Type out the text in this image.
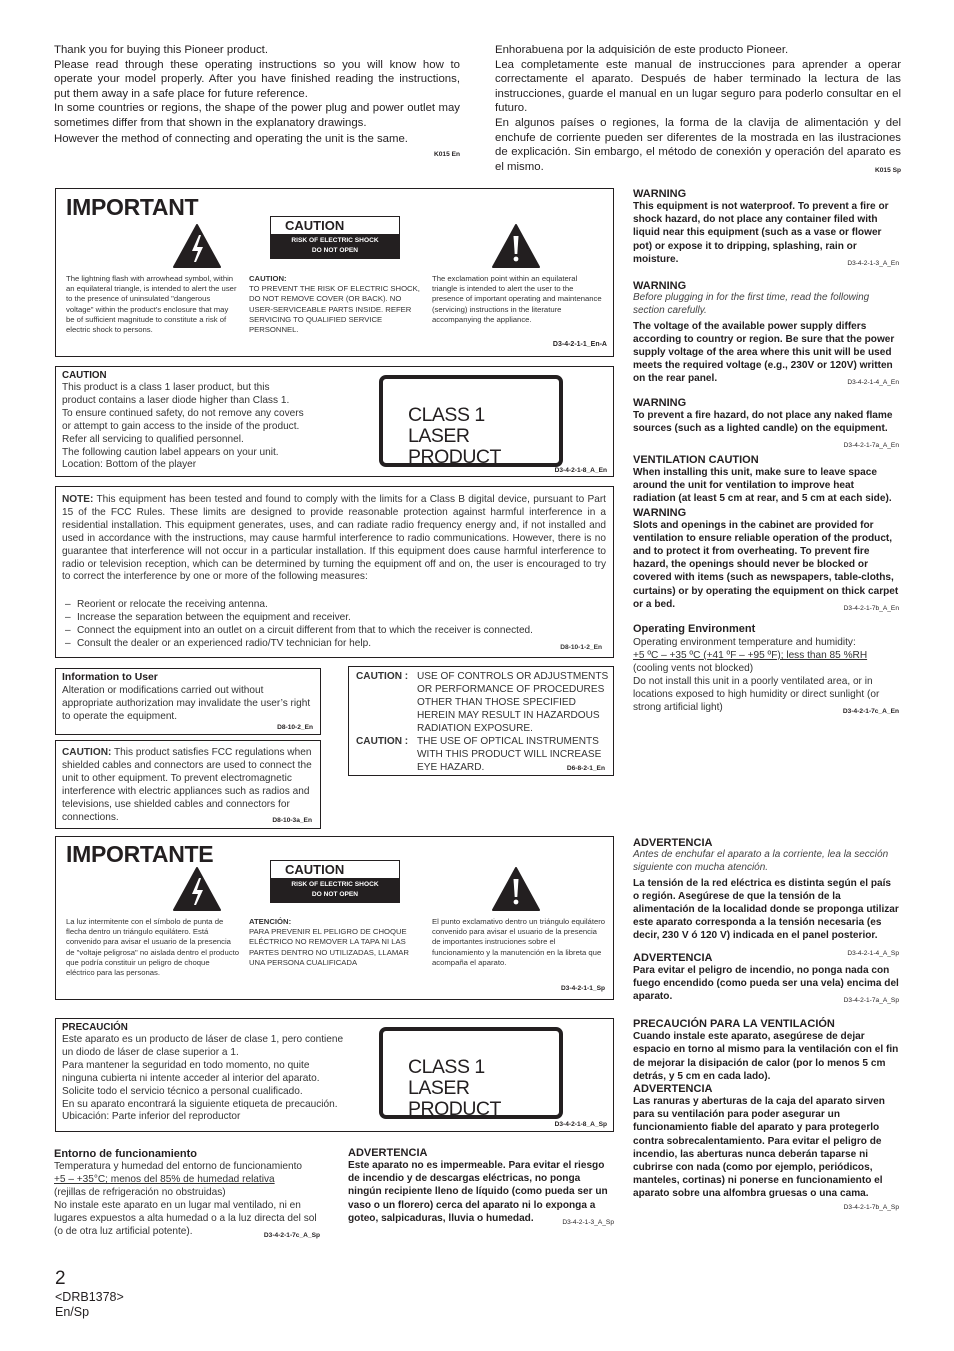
Thank you for buying this Pioneer product.

Please read through these operating instructions so you will know how to operate your model properly. After you have finished reading the instructions, put them away in a safe place for future reference.

In some countries or regions, the shape of the power plug and power outlet may sometimes differ from that shown in the explanatory drawings.

However the method of connecting and operating the unit is the same.

K015 En

Enhorabuena por la adquisición de este producto Pioneer.

Lea completamente este manual de instrucciones para aprender a operar correctamente el aparato. Después de haber terminado la lectura de las instrucciones, guarde el manual en un lugar seguro para poderlo consultar en el futuro.

En algunos países o regiones, la forma de la clavija de alimentación y del enchufe de corriente pueden ser diferentes de la mostrada en las ilustraciones de explicación. Sin embargo, el método de conexión y operación del aparato es el mismo.	K015 Sp

IMPORTANT
CAUTION
RISK OF ELECTRIC SHOCK
DO NOT OPEN
The lightning flash with arrowhead symbol, within an equilateral triangle, is intended to alert the user to the presence of uninsulated "dangerous voltage" within the product's enclosure that may be of sufficient magnitude to constitute a risk of electric shock to persons.
CAUTION:
TO PREVENT THE RISK OF ELECTRIC SHOCK, DO NOT REMOVE COVER (OR BACK). NO USER-SERVICEABLE PARTS INSIDE. REFER SERVICING TO QUALIFIED SERVICE PERSONNEL.
The exclamation point within an equilateral triangle is intended to alert the user to the presence of important operating and maintenance (servicing) instructions in the literature accompanying the appliance.
D3-4-2-1-1_En-A
CAUTION
This product is a class 1 laser product, but this
product contains a laser diode higher than Class 1.
To ensure continued safety, do not remove any covers
or attempt to gain access to the inside of the product.
Refer all servicing to qualified personnel.
The following caution label appears on your unit.
Location: Bottom of the player
CLASS 1
LASER PRODUCT
D3-4-2-1-8_A_En
NOTE: This equipment has been tested and found to comply with the limits for a Class B digital device, pursuant to Part 15 of the FCC Rules. These limits are designed to provide reasonable protection against harmful interference in a residential installation. This equipment generates, uses, and can radiate radio frequency energy and, if not installed and used in accordance with the instructions, may cause harmful interference to radio communications. However, there is no guarantee that interference will not occur in a particular installation. If this equipment does cause harmful interference to radio or television reception, which can be determined by turning the equipment off and on, the user is encouraged to try to correct the interference by one or more of the following measures:
– Reorient or relocate the receiving antenna.
– Increase the separation between the equipment and receiver.
– Connect the equipment into an outlet on a circuit different from that to which the receiver is connected.
– Consult the dealer or an experienced radio/TV technician for help.	D8-10-1-2_En
Information to User
Alteration or modifications carried out without appropriate authorization may invalidate the user’s right to operate the equipment.
D8-10-2_En
CAUTION: This product satisfies FCC regulations when shielded cables and connectors are used to connect the unit to other equipment. To prevent electromagnetic interference with electric appliances such as radios and televisions, use shielded cables and connectors for connections.	D8-10-3a_En
CAUTION : USE OF CONTROLS OR ADJUSTMENTS OR PERFORMANCE OF PROCEDURES OTHER THAN THOSE SPECIFIED HEREIN MAY RESULT IN HAZARDOUS RADIATION EXPOSURE.
CAUTION : THE USE OF OPTICAL INSTRUMENTS WITH THIS PRODUCT WILL INCREASE EYE HAZARD.	D6-8-2-1_En
WARNING
This equipment is not waterproof. To prevent a fire or shock hazard, do not place any container filed with liquid near this equipment (such as a vase or flower pot) or expose it to dripping, splashing, rain or moisture.	D3-4-2-1-3_A_En
WARNING
Before plugging in for the first time, read the following section carefully.
The voltage of the available power supply differs according to country or region. Be sure that the power supply voltage of the area where this unit will be used meets the required voltage (e.g., 230V or 120V) written on the rear panel.	D3-4-2-1-4_A_En
WARNING
To prevent a fire hazard, do not place any naked flame sources (such as a lighted candle) on the equipment.
D3-4-2-1-7a_A_En
VENTILATION CAUTION
When installing this unit, make sure to leave space around the unit for ventilation to improve heat radiation (at least 5 cm at rear, and 5 cm at each side).
WARNING
Slots and openings in the cabinet are provided for ventilation to ensure reliable operation of the product, and to protect it from overheating. To prevent fire hazard, the openings should never be blocked or covered with items (such as newspapers, table-cloths, curtains) or by operating the equipment on thick carpet or a bed.	D3-4-2-1-7b_A_En
Operating Environment
Operating environment temperature and humidity:
+5 ºC – +35 ºC (+41 ºF – +95 ºF); less than 85 %RH
(cooling vents not blocked)
Do not install this unit in a poorly ventilated area, or in locations exposed to high humidity or direct sunlight (or strong artificial light)	D3-4-2-1-7c_A_En
IMPORTANTE
CAUTION
RISK OF ELECTRIC SHOCK
DO NOT OPEN
La luz intermitente con el símbolo de punta de flecha dentro un triángulo equilátero. Está convenido para avisar el usuario de la presencia de "voltaje peligrosa" no aislada dentro el producto que podría constituir un peligro de choque eléctrico para las personas.
ATENCIÓN:
PARA PREVENIR EL PELIGRO DE CHOQUE ELÉCTRICO NO REMOVER LA TAPA NI LAS PARTES DENTRO NO UTILIZADAS, LLAMAR UNA PERSONA CUALIFICADA
El punto exclamativo dentro un triángulo equilátero convenido para avisar el usuario de la presencia de importantes instruciones sobre el funcionamiento y la manutención en la libreta que acompaña el aparato.
D3-4-2-1-1_Sp
PRECAUCIÓN
Este aparato es un producto de láser de clase 1, pero contiene
un diodo de láser de clase superior a 1.
Para mantener la seguridad en todo momento, no quite
ninguna cubierta ni intente acceder al interior del aparato.
Solicite todo el servicio técnico a personal cualificado.
En su aparato encontrará la siguiente etiqueta de precaución.
Ubicación: Parte inferior del reproductor
CLASS 1
LASER PRODUCT
D3-4-2-1-8_A_Sp
Entorno de funcionamiento
Temperatura y humedad del entorno de funcionamiento
+5 – +35°C; menos del 85% de humedad relativa
(rejillas de refrigeración no obstruidas)
No instale este aparato en un lugar mal ventilado, ni en lugares expuestos a alta humedad o a la luz directa del sol (o de otra luz artificial potente).	D3-4-2-1-7c_A_Sp
ADVERTENCIA
Este aparato no es impermeable. Para evitar el riesgo de incendio y de descargas eléctricas, no ponga ningún recipiente lleno de líquido (como pueda ser un vaso o un florero) cerca del aparato ni lo exponga a goteo, salpicaduras, lluvia o humedad.	D3-4-2-1-3_A_Sp
ADVERTENCIA
Antes de enchufar el aparato a la corriente, lea la sección siguiente con mucha atención.
La tensión de la red eléctrica es distinta según el país o región. Asegúrese de que la tensión de la alimentación de la localidad donde se proponga utilizar este aparato corresponda a la tensión necesaria (es decir, 230 V ó 120 V) indicada en el panel posterior.
D3-4-2-1-4_A_Sp
ADVERTENCIA
Para evitar el peligro de incendio, no ponga nada con fuego encendido (como pueda ser una vela) encima del aparato.	D3-4-2-1-7a_A_Sp
PRECAUCIÓN PARA LA VENTILACIÓN
Cuando instale este aparato, asegúrese de dejar espacio en torno al mismo para la ventilación con el fin de mejorar la disipación de calor (por lo menos 5 cm detrás, y 5 cm en cada lado).
ADVERTENCIA
Las ranuras y aberturas de la caja del aparato sirven para su ventilación para poder asegurar un funcionamiento fiable del aparato y para protegerlo contra sobrecalentamiento. Para evitar el peligro de incendio, las aberturas nunca deberán taparse ni cubrirse con nada (como por ejemplo, periódicos, manteles, cortinas) ni ponerse en funcionamiento el aparato sobre una alfombra gruesas o una cama.
D3-4-2-1-7b_A_Sp
2
<DRB1378>
En/Sp
